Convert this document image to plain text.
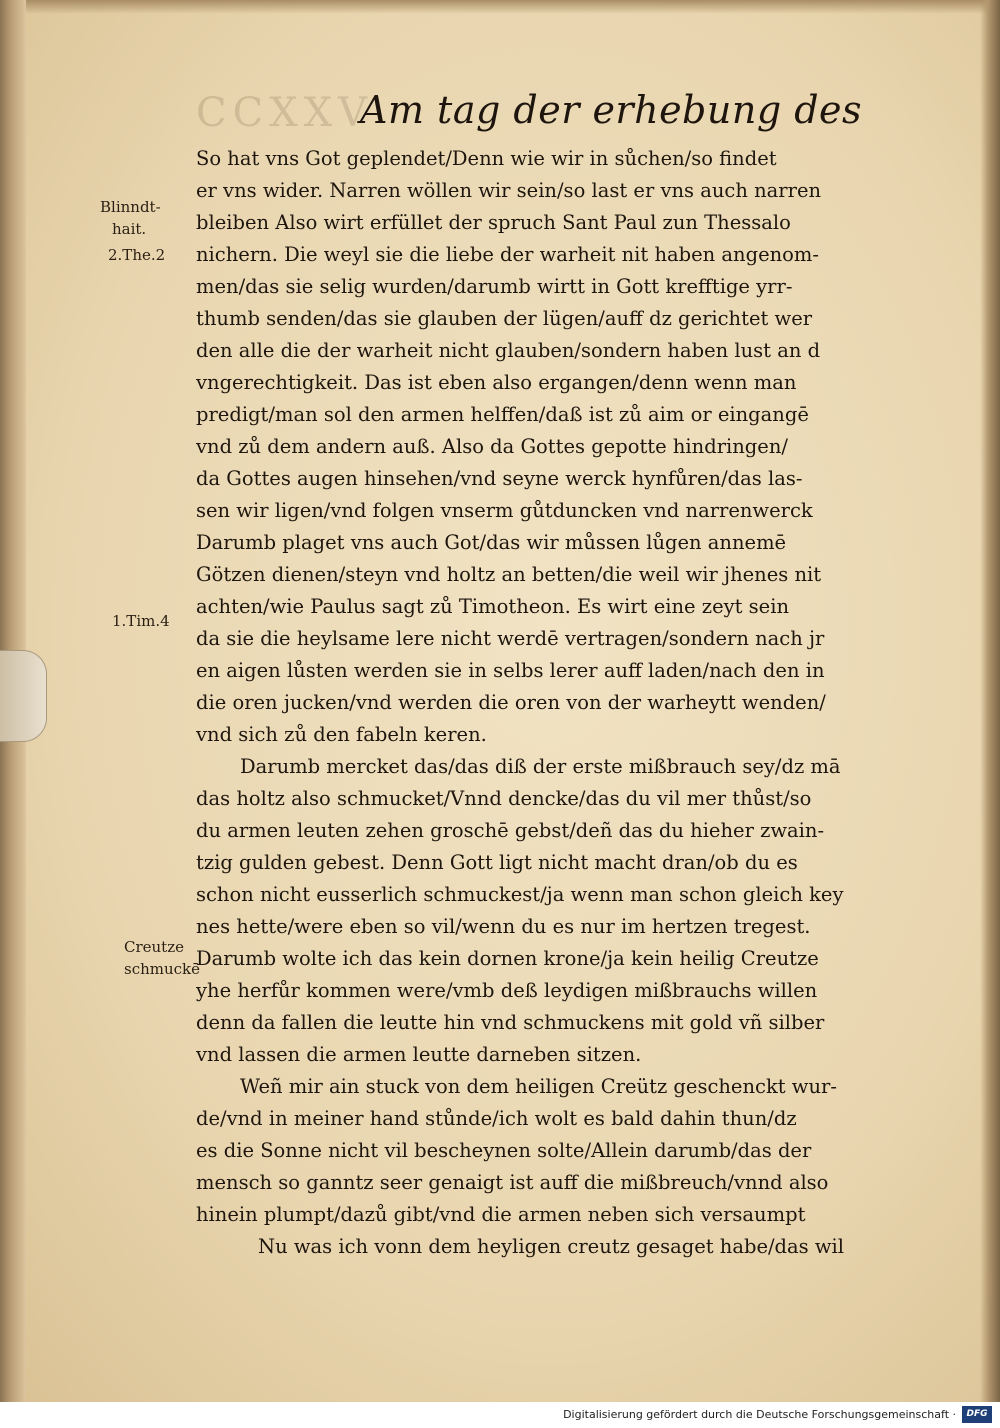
CCXXV
Am tag der erhebung des
Blinndt-
hait.
2.The.2
1.Tim.4
Creutze
schmuckē
So hat vns Got geplendet/Denn wie wir in sůchen/so findet
er vns wider. Narren wöllen wir sein/so last er vns auch narren
bleiben Also wirt erfüllet der spruch Sant Paul zun Thessalo
nichern. Die weyl sie die liebe der warheit nit haben angenom-
men/das sie selig wurden/darumb wirtt in Gott krefftige yrr-
thumb senden/das sie glauben der lügen/auff dz gerichtet wer
den alle die der warheit nicht glauben/sondern haben lust an d
vngerechtigkeit. Das ist eben also ergangen/denn wenn man
predigt/man sol den armen helffen/daß ist zů aim or eingangē
vnd zů dem andern auß. Also da Gottes gepotte hindringen/
da Gottes augen hinsehen/vnd seyne werck hynfůren/das las-
sen wir ligen/vnd folgen vnserm gůtduncken vnd narrenwerck
Darumb plaget vns auch Got/das wir můssen lůgen annemē
Götzen dienen/steyn vnd holtz an betten/die weil wir jhenes nit
achten/wie Paulus sagt zů Timotheon. Es wirt eine zeyt sein
da sie die heylsame lere nicht werdē vertragen/sondern nach jr
en aigen lůsten werden sie in selbs lerer auff laden/nach den in
die oren jucken/vnd werden die oren von der warheytt wenden/
vnd sich zů den fabeln keren.
Darumb mercket das/das diß der erste mißbrauch sey/dz mā
das holtz also schmucket/Vnnd dencke/das du vil mer thůst/so
du armen leuten zehen groschē gebst/deñ das du hieher zwain-
tzig gulden gebest. Denn Gott ligt nicht macht dran/ob du es
schon nicht eusserlich schmuckest/ja wenn man schon gleich key
nes hette/were eben so vil/wenn du es nur im hertzen tregest.
Darumb wolte ich das kein dornen krone/ja kein heilig Creutze
yhe herfůr kommen were/vmb deß leydigen mißbrauchs willen
denn da fallen die leutte hin vnd schmuckens mit gold vñ silber
vnd lassen die armen leutte darneben sitzen.
Weñ mir ain stuck von dem heiligen Creütz geschenckt wur-
de/vnd in meiner hand stůnde/ich wolt es bald dahin thun/dz
es die Sonne nicht vil bescheynen solte/Allein darumb/das der
mensch so ganntz seer genaigt ist auff die mißbreuch/vnnd also
hinein plumpt/dazů gibt/vnd die armen neben sich versaumpt
Nu was ich vonn dem heyligen creutz gesaget habe/das wil
Digitalisierung gefördert durch die Deutsche Forschungsgemeinschaft ·	DFG
